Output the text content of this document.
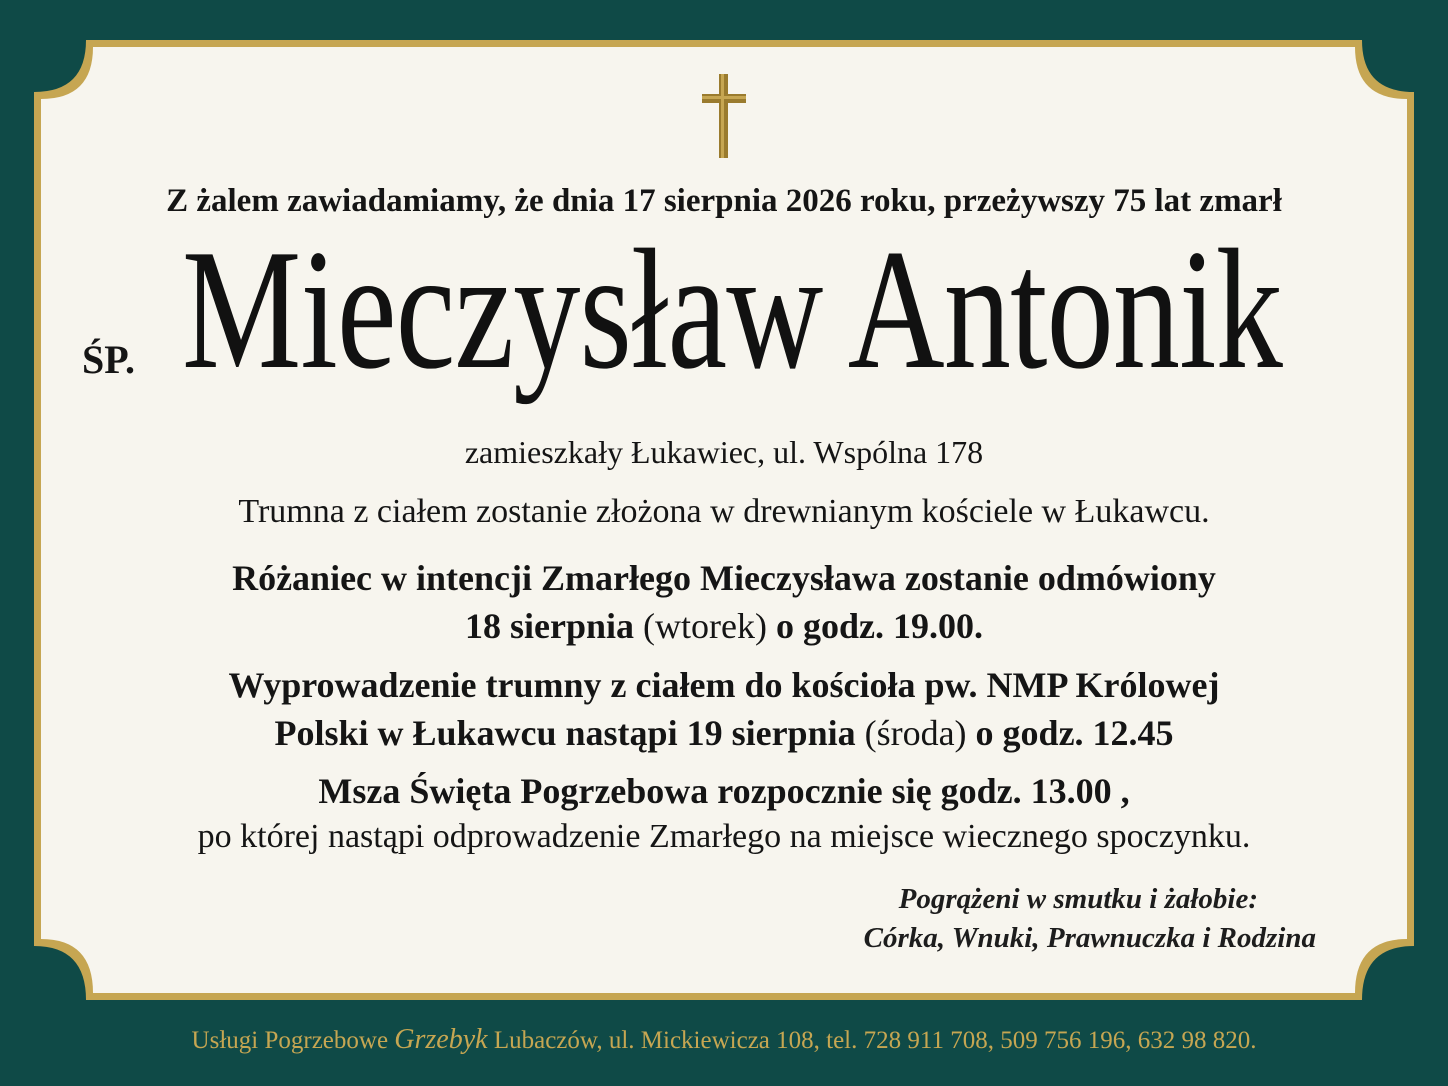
Z żalem zawiadamiamy, że dnia 17 sierpnia 2026 roku, przeżywszy 75 lat zmarł
ŚP. Mieczysław Antonik
zamieszkały Łukawiec, ul. Wspólna 178
Trumna z ciałem zostanie złożona w drewnianym kościele w Łukawcu.
Różaniec w intencji Zmarłego Mieczysława zostanie odmówiony
18 sierpnia (wtorek) o godz. 19.00.
Wyprowadzenie trumny z ciałem do kościoła pw. NMP Królowej
Polski w Łukawcu nastąpi 19 sierpnia (środa) o godz. 12.45
Msza Święta Pogrzebowa rozpocznie się godz. 13.00 ,
po której nastąpi odprowadzenie Zmarłego na miejsce wiecznego spoczynku.
Pogrążeni w smutku i żałobie:
Córka, Wnuki, Prawnuczka i Rodzina
Usługi Pogrzebowe Grzebyk Lubaczów, ul. Mickiewicza 108, tel. 728 911 708, 509 756 196, 632 98 820.
